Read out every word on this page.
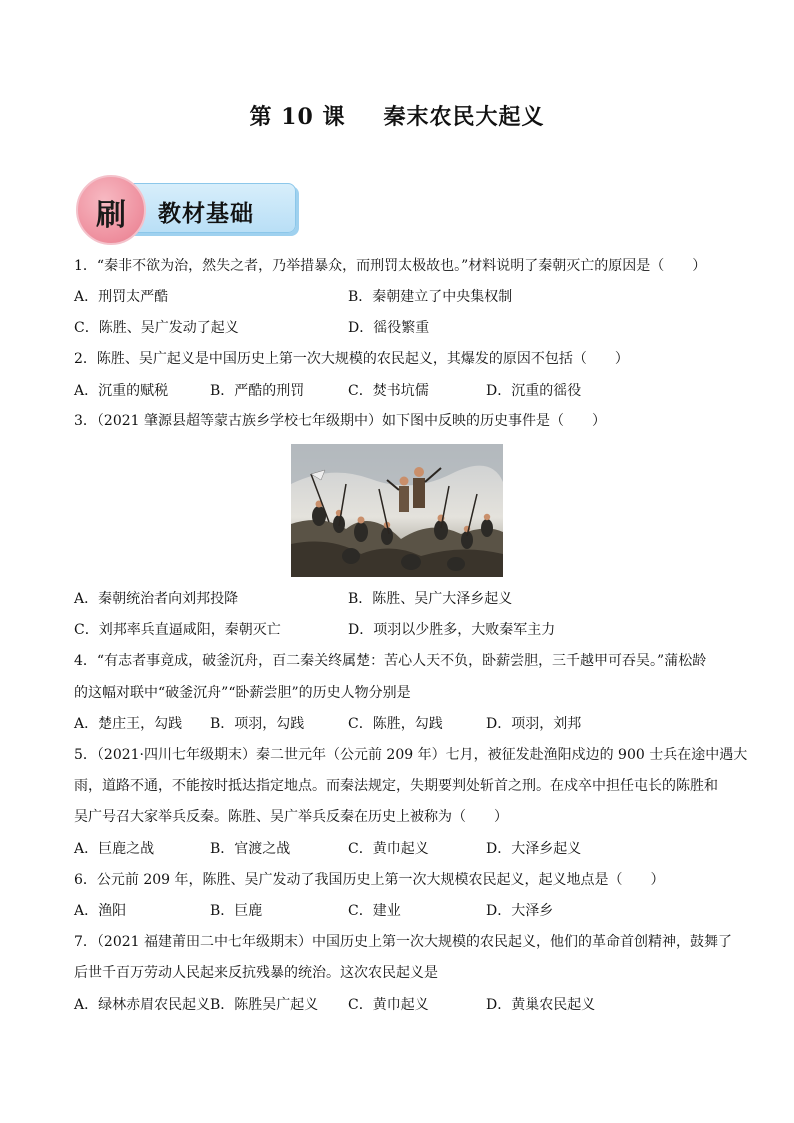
第 10 课 秦末农民大起义
刷	教材基础
1．“秦非不欲为治，然失之者，乃举措暴众，而刑罚太极故也。”材料说明了秦朝灭亡的原因是（　　）
A．刑罚太严酷	B．秦朝建立了中央集权制
C．陈胜、吴广发动了起义	D．徭役繁重
2．陈胜、吴广起义是中国历史上第一次大规模的农民起义，其爆发的原因不包括（　　）
A．沉重的赋税	B．严酷的刑罚	C．焚书坑儒	D．沉重的徭役
3．（2021 肇源县超等蒙古族乡学校七年级期中）如下图中反映的历史事件是（　　）
A．秦朝统治者向刘邦投降	B．陈胜、吴广大泽乡起义
C．刘邦率兵直逼咸阳，秦朝灭亡	D．项羽以少胜多，大败秦军主力
4．“有志者事竟成，破釜沉舟，百二秦关终属楚：苦心人天不负，卧薪尝胆，三千越甲可吞吴。”蒲松龄
的这幅对联中“破釜沉舟”“卧薪尝胆”的历史人物分别是
A．楚庄王，勾践 B．项羽，勾践	C．陈胜，勾践	D．项羽，刘邦
5．（2021·四川七年级期末）秦二世元年（公元前 209 年）七月，被征发赴渔阳戍边的 900 士兵在途中遇大
雨，道路不通，不能按时抵达指定地点。而秦法规定，失期要判处斩首之刑。在戍卒中担任屯长的陈胜和
吴广号召大家举兵反秦。陈胜、吴广举兵反秦在历史上被称为（　　）
A．巨鹿之战	B．官渡之战	C．黄巾起义	D．大泽乡起义
6．公元前 209 年，陈胜、吴广发动了我国历史上第一次大规模农民起义，起义地点是（　　）
A．渔阳	B．巨鹿	C．建业	D．大泽乡
7．（2021 福建莆田二中七年级期末）中国历史上第一次大规模的农民起义，他们的革命首创精神，鼓舞了
后世千百万劳动人民起来反抗残暴的统治。这次农民起义是
A．绿林赤眉农民起义 B．陈胜吴广起义 C．黄巾起义	D．黄巢农民起义
